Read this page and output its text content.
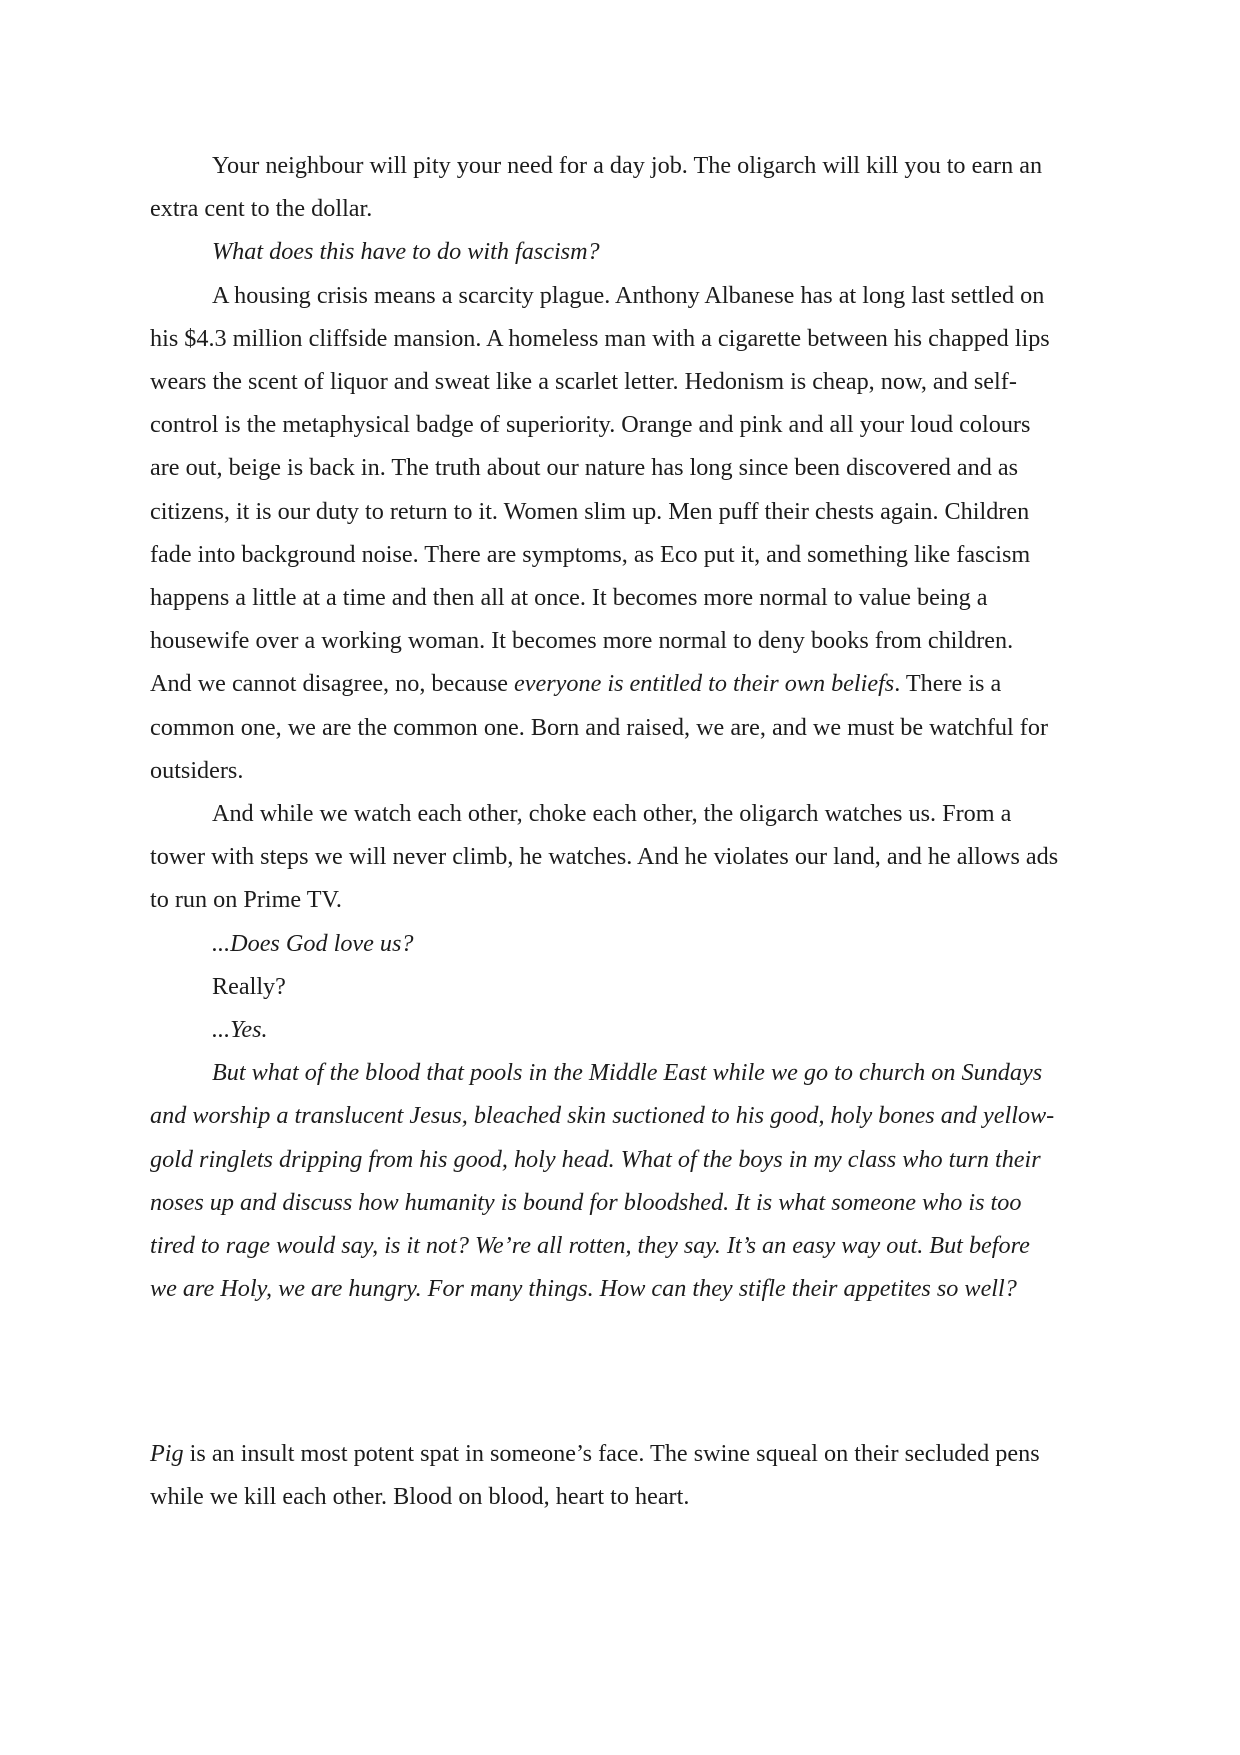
Your neighbour will pity your need for a day job. The oligarch will kill you to earn an

extra cent to the dollar.

What does this have to do with fascism?

A housing crisis means a scarcity plague. Anthony Albanese has at long last settled on

his $4.3 million cliffside mansion. A homeless man with a cigarette between his chapped lips

wears the scent of liquor and sweat like a scarlet letter. Hedonism is cheap, now, and self-

control is the metaphysical badge of superiority. Orange and pink and all your loud colours

are out, beige is back in. The truth about our nature has long since been discovered and as

citizens, it is our duty to return to it. Women slim up. Men puff their chests again. Children

fade into background noise. There are symptoms, as Eco put it, and something like fascism

happens a little at a time and then all at once. It becomes more normal to value being a

housewife over a working woman. It becomes more normal to deny books from children.

And we cannot disagree, no, because everyone is entitled to their own beliefs. There is a

common one, we are the common one. Born and raised, we are, and we must be watchful for

outsiders.

And while we watch each other, choke each other, the oligarch watches us. From a

tower with steps we will never climb, he watches. And he violates our land, and he allows ads

to run on Prime TV.

...Does God love us?

Really?

...Yes.

But what of the blood that pools in the Middle East while we go to church on Sundays

and worship a translucent Jesus, bleached skin suctioned to his good, holy bones and yellow-

gold ringlets dripping from his good, holy head. What of the boys in my class who turn their

noses up and discuss how humanity is bound for bloodshed. It is what someone who is too

tired to rage would say, is it not? We’re all rotten, they say. It’s an easy way out. But before

we are Holy, we are hungry. For many things. How can they stifle their appetites so well?

Pig is an insult most potent spat in someone’s face. The swine squeal on their secluded pens

while we kill each other. Blood on blood, heart to heart.
